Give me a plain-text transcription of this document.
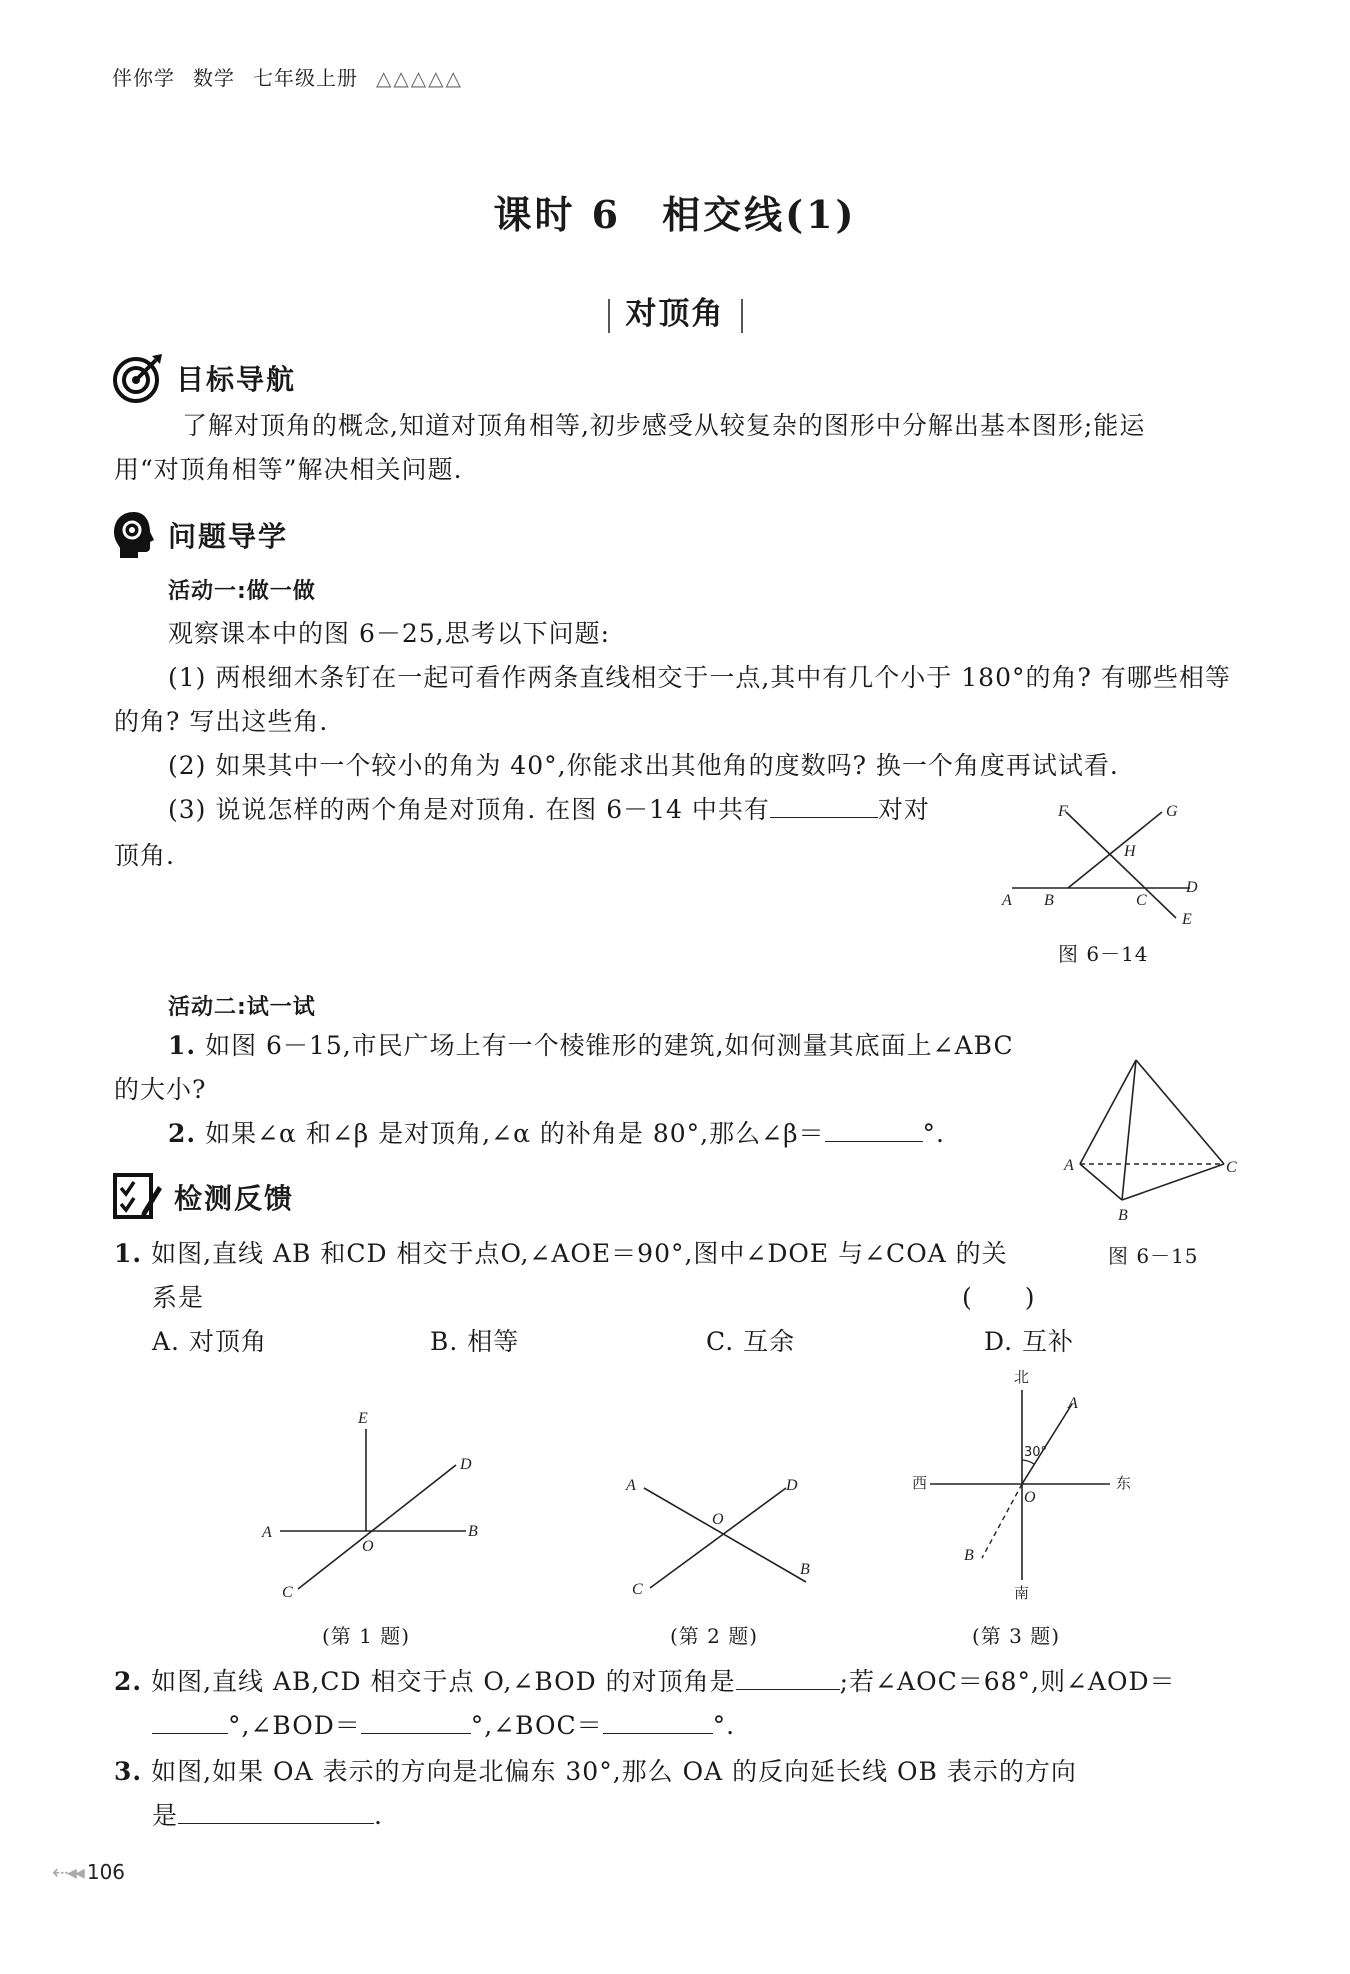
伴你学 数学 七年级上册 △△△△△
课时 6　相交线(1)
对顶角
目标导航
了解对顶角的概念,知道对顶角相等,初步感受从较复杂的图形中分解出基本图形;能运
用“对顶角相等”解决相关问题.
问题导学
活动一:做一做
观察课本中的图 6－25,思考以下问题:
(1) 两根细木条钉在一起可看作两条直线相交于一点,其中有几个小于 180°的角? 有哪些相等
的角? 写出这些角.
(2) 如果其中一个较小的角为 40°,你能求出其他角的度数吗? 换一个角度再试试看.
(3) 说说怎样的两个角是对顶角. 在图 6－14 中共有	对对
顶角.
F	G
H
A B	C
D
E
图 6－14
活动二:试一试
1. 如图 6－15,市民广场上有一个棱锥形的建筑,如何测量其底面上∠ABC
的大小?
2. 如果∠α 和∠β 是对顶角,∠α 的补角是 80°,那么∠β＝	°.
A	C
B
图 6－15
检测反馈
1. 如图,直线 AB 和CD 相交于点O,∠AOE＝90°,图中∠DOE 与∠COA 的关
系是	(　　)
A. 对顶角	B. 相等	C. 互余	D. 互补
E
D
A
O
B
C
(第 1 题)
A	D
O
C
B
(第 2 题)
北
南
西	东
A
O
B
30°
(第 3 题)
2. 如图,直线 AB,CD 相交于点 O,∠BOD 的对顶角是	;若∠AOC＝68°,则∠AOD＝
°,∠BOD＝	°,∠BOC＝	°.
3. 如图,如果 OA 表示的方向是北偏东 30°,那么 OA 的反向延长线 OB 表示的方向
是	.
⇠◂◂ 106
